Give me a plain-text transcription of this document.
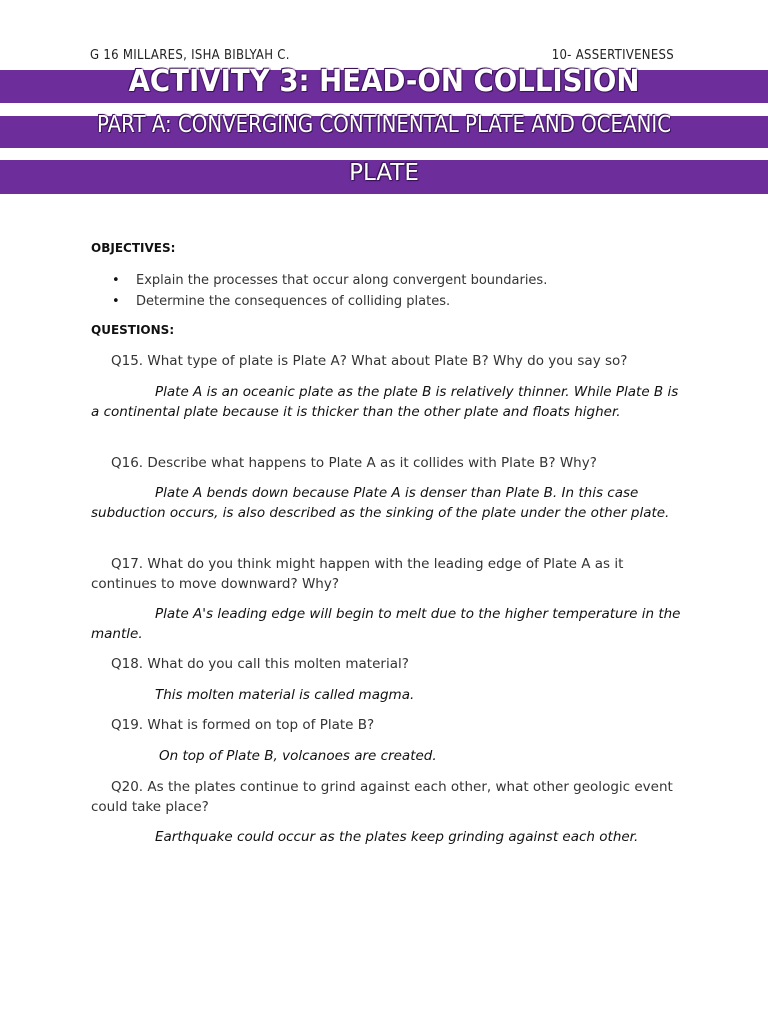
G 16 MILLARES, ISHA BIBLYAH C.	10- ASSERTIVENESS
ACTIVITY 3: HEAD-ON COLLISION
PART A: CONVERGING CONTINENTAL PLATE AND OCEANIC
PLATE
OBJECTIVES:
• Explain the processes that occur along convergent boundaries.
• Determine the consequences of colliding plates.
QUESTIONS:

Q15. What type of plate is Plate A? What about Plate B? Why do you say so?

Plate A is an oceanic plate as the plate B is relatively thinner. While Plate B is a continental plate because it is thicker than the other plate and floats higher.

Q16. Describe what happens to Plate A as it collides with Plate B? Why?

Plate A bends down because Plate A is denser than Plate B. In this case subduction occurs, is also described as the sinking of the plate under the other plate.

Q17. What do you think might happen with the leading edge of Plate A as it continues to move downward? Why?

Plate A's leading edge will begin to melt due to the higher temperature in the mantle.

Q18. What do you call this molten material?

This molten material is called magma.

Q19. What is formed on top of Plate B?

On top of Plate B, volcanoes are created.

Q20. As the plates continue to grind against each other, what other geologic event could take place?

Earthquake could occur as the plates keep grinding against each other.
